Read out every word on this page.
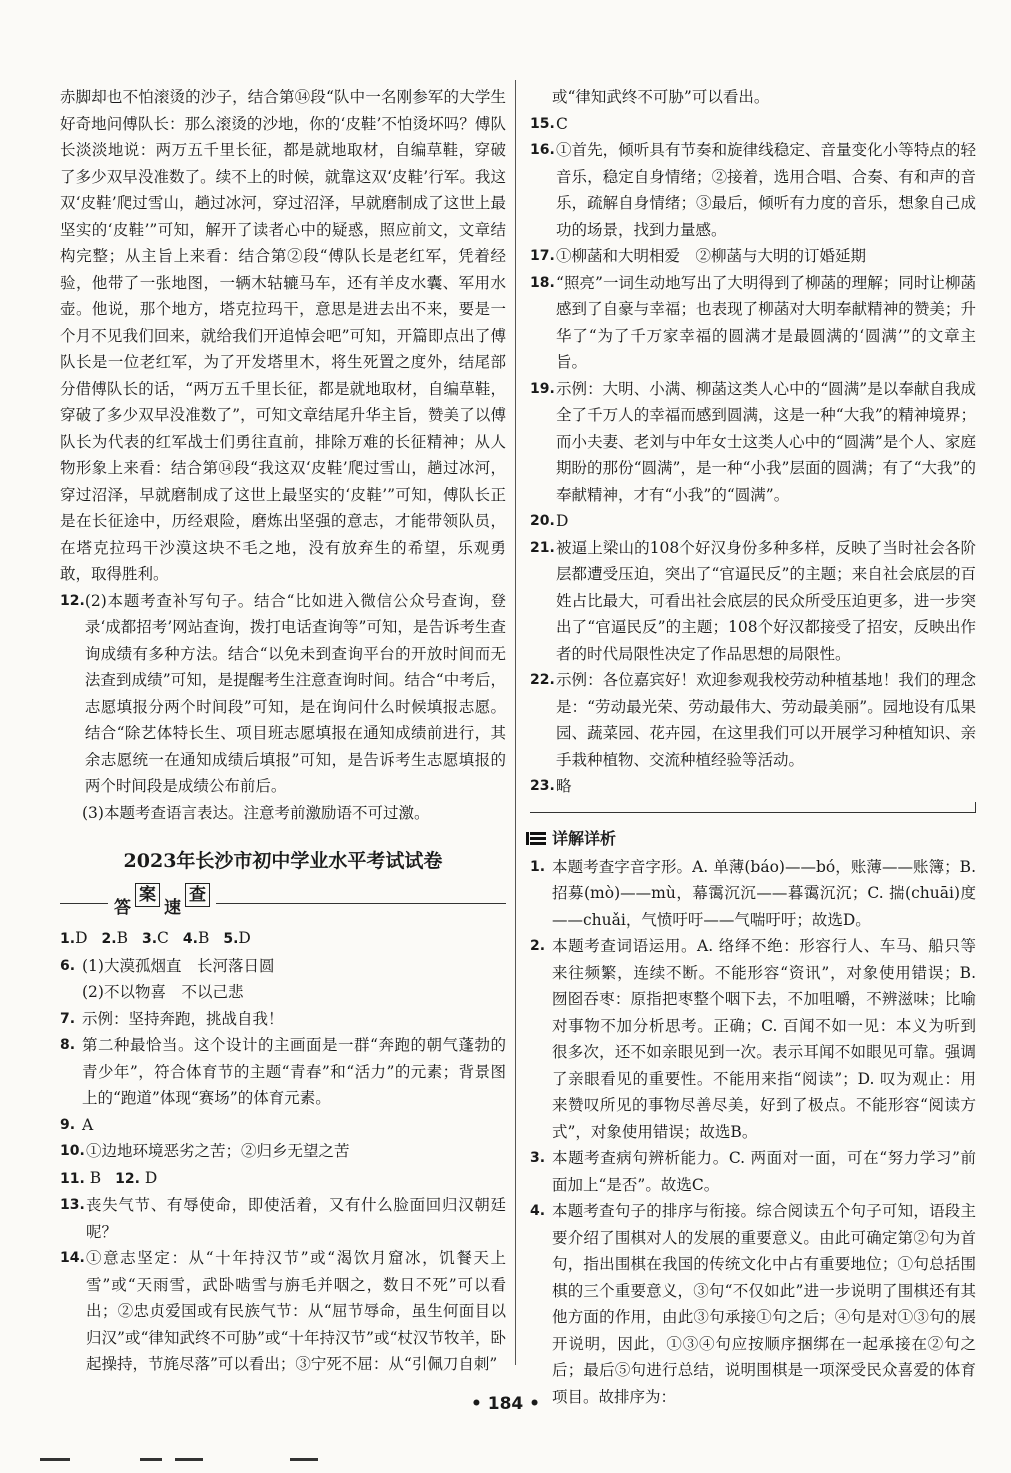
赤脚却也不怕滚烫的沙子，结合第⑭段“队中一名刚参军的大学生好奇地问傅队长：那么滚烫的沙地，你的‘皮鞋’不怕烫坏吗？傅队长淡淡地说：两万五千里长征，都是就地取材，自编草鞋，穿破了多少双早没准数了。续不上的时候，就靠这双‘皮鞋’行军。我这双‘皮鞋’爬过雪山，趟过冰河，穿过沼泽，早就磨制成了这世上最坚实的‘皮鞋’”可知，解开了读者心中的疑惑，照应前文，文章结构完整；从主旨上来看：结合第②段“傅队长是老红军，凭着经验，他带了一张地图，一辆木轱辘马车，还有羊皮水囊、军用水壶。他说，那个地方，塔克拉玛干，意思是进去出不来，要是一个月不见我们回来，就给我们开追悼会吧”可知，开篇即点出了傅队长是一位老红军，为了开发塔里木，将生死置之度外，结尾部分借傅队长的话，“两万五千里长征，都是就地取材，自编草鞋，穿破了多少双早没准数了”，可知文章结尾升华主旨，赞美了以傅队长为代表的红军战士们勇往直前，排除万难的长征精神；从人物形象上来看：结合第⑭段“我这双‘皮鞋’爬过雪山，趟过冰河，穿过沼泽，早就磨制成了这世上最坚实的‘皮鞋’”可知，傅队长正是在长征途中，历经艰险，磨炼出坚强的意志，才能带领队员，在塔克拉玛干沙漠这块不毛之地，没有放弃生的希望，乐观勇敢，取得胜利。
12. (2)本题考查补写句子。结合“比如进入微信公众号查询，登录‘成都招考’网站查询，拨打电话查询等”可知，是告诉考生查询成绩有多种方法。结合“以免未到查询平台的开放时间而无法查到成绩”可知，是提醒考生注意查询时间。结合“中考后，志愿填报分两个时间段”可知，是在询问什么时候填报志愿。结合“除艺体特长生、项目班志愿填报在通知成绩前进行，其余志愿统一在通知成绩后填报”可知，是告诉考生志愿填报的两个时间段是成绩公布前后。
(3)本题考查语言表达。注意考前激励语不可过激。
2023年长沙市初中学业水平考试试卷
答
案
速
查
1.D 2.B 3.C 4.B 5.D
6. (1)大漠孤烟直　长河落日圆
(2)不以物喜　不以己悲
7. 示例：坚持奔跑，挑战自我！
8. 第二种最恰当。这个设计的主画面是一群“奔跑的朝气蓬勃的青少年”，符合体育节的主题“青春”和“活力”的元素；背景图上的“跑道”体现“赛场”的体育元素。
9. A
10. ①边地环境恶劣之苦；②归乡无望之苦
11. B 12. D
13. 丧失气节、有辱使命，即使活着，又有什么脸面回归汉朝廷呢？
14. ①意志坚定：从“十年持汉节”或“渴饮月窟冰，饥餐天上雪”或“天雨雪，武卧啮雪与旃毛并咽之，数日不死”可以看出；②忠贞爱国或有民族气节：从“屈节辱命，虽生何面目以归汉”或“律知武终不可胁”或“十年持汉节”或“杖汉节牧羊，卧起操持，节旄尽落”可以看出；③宁死不屈：从“引佩刀自刺”
或“律知武终不可胁”可以看出。
15. C
16. ①首先，倾听具有节奏和旋律线稳定、音量变化小等特点的轻音乐，稳定自身情绪；②接着，选用合唱、合奏、有和声的音乐，疏解自身情绪；③最后，倾听有力度的音乐，想象自己成功的场景，找到力量感。
17. ①柳菡和大明相爱　②柳菡与大明的订婚延期
18. “照亮”一词生动地写出了大明得到了柳菡的理解；同时让柳菡感到了自豪与幸福；也表现了柳菡对大明奉献精神的赞美；升华了“为了千万家幸福的圆满才是最圆满的‘圆满’”的文章主旨。
19. 示例：大明、小满、柳菡这类人心中的“圆满”是以奉献自我成全了千万人的幸福而感到圆满，这是一种“大我”的精神境界；而小夫妻、老刘与中年女士这类人心中的“圆满”是个人、家庭期盼的那份“圆满”，是一种“小我”层面的圆满；有了“大我”的奉献精神，才有“小我”的“圆满”。
20. D
21. 被逼上梁山的108个好汉身份多种多样，反映了当时社会各阶层都遭受压迫，突出了“官逼民反”的主题；来自社会底层的百姓占比最大，可看出社会底层的民众所受压迫更多，进一步突出了“官逼民反”的主题；108个好汉都接受了招安，反映出作者的时代局限性决定了作品思想的局限性。
22. 示例：各位嘉宾好！欢迎参观我校劳动种植基地！我们的理念是：“劳动最光荣、劳动最伟大、劳动最美丽”。园地设有瓜果园、蔬菜园、花卉园，在这里我们可以开展学习种植知识、亲手栽种植物、交流种植经验等活动。
23. 略
详解详析
1. 本题考查字音字形。A. 单薄(báo)——bó，账薄——账簿；B. 招募(mò)——mù，幕霭沉沉——暮霭沉沉；C. 揣(chuāi)度——chuǎi，气愤吁吁——气喘吁吁；故选D。
2. 本题考查词语运用。A. 络绎不绝：形容行人、车马、船只等来往频繁，连续不断。不能形容“资讯”，对象使用错误；B. 囫囵吞枣：原指把枣整个咽下去，不加咀嚼，不辨滋味；比喻对事物不加分析思考。正确；C. 百闻不如一见：本义为听到很多次，还不如亲眼见到一次。表示耳闻不如眼见可靠。强调了亲眼看见的重要性。不能用来指“阅读”；D. 叹为观止：用来赞叹所见的事物尽善尽美，好到了极点。不能形容“阅读方式”，对象使用错误；故选B。
3. 本题考查病句辨析能力。C. 两面对一面，可在“努力学习”前面加上“是否”。故选C。
4. 本题考查句子的排序与衔接。综合阅读五个句子可知，语段主要介绍了围棋对人的发展的重要意义。由此可确定第②句为首句，指出围棋在我国的传统文化中占有重要地位；①句总括围棋的三个重要意义，③句“不仅如此”进一步说明了围棋还有其他方面的作用，由此③句承接①句之后；④句是对①③句的展开说明，因此，①③④句应按顺序捆绑在一起承接在②句之后；最后⑤句进行总结，说明围棋是一项深受民众喜爱的体育项目。故排序为：
• 184 •
